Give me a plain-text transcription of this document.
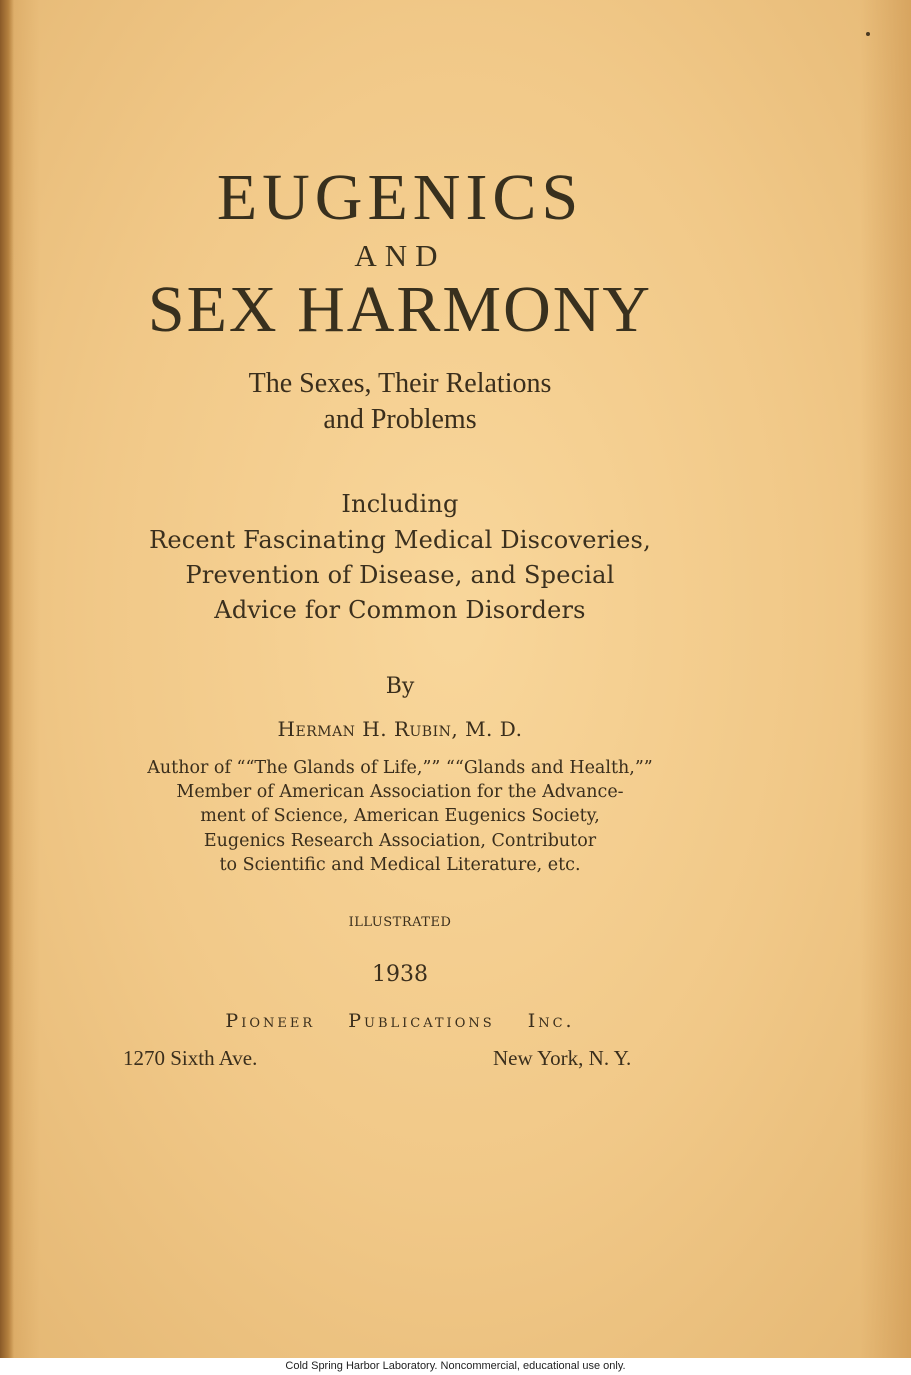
EUGENICS
AND
SEX HARMONY
The Sexes, Their Relations
and Problems
Including
Recent Fascinating Medical Discoveries,
Prevention of Disease, and Special
Advice for Common Disorders
By
Herman H. Rubin, M. D.
Author of ““The Glands of Life,”” ““Glands and Health,””
Member of American Association for the Advance-
ment of Science, American Eugenics Society,
Eugenics Research Association, Contributor
to Scientific and Medical Literature, etc.
ILLUSTRATED
1938
Pioneer Publications Inc.
1270 Sixth Ave.	New York, N. Y.
Cold Spring Harbor Laboratory. Noncommercial, educational use only.
